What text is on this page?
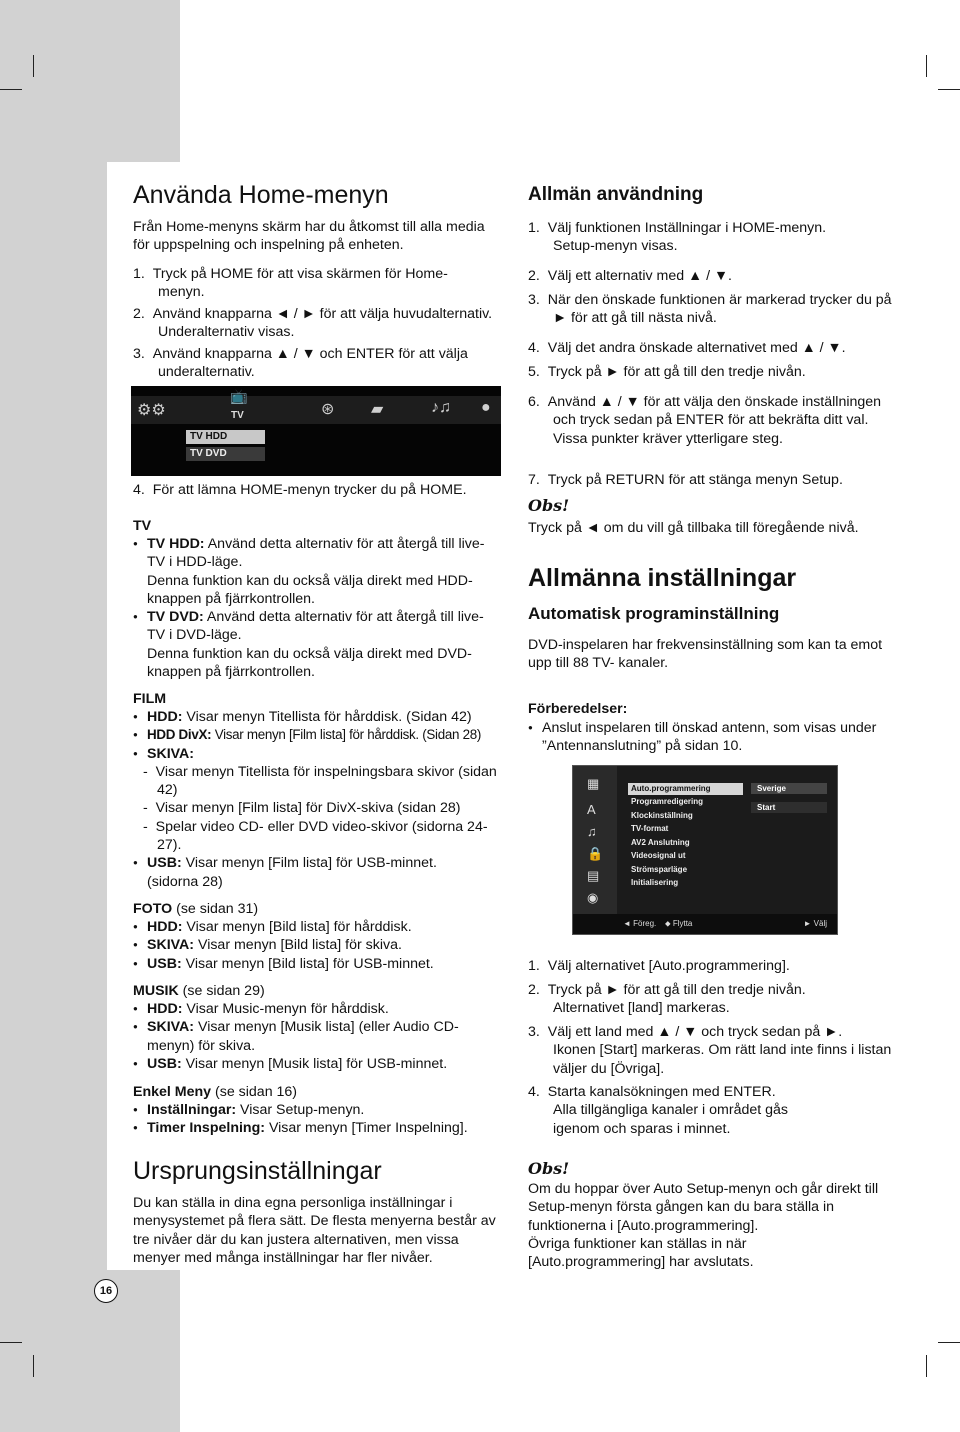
16
Använda Home-menyn

Från Home-menyns skärm har du åtkomst till alla media för uppspelning och inspelning på enheten.

1. Tryck på HOME för att visa skärmen för Home-menyn.

2. Använd knapparna ◄ / ► för att välja huvudalternativ. Underalternativ visas.

3. Använd knapparna ▲ / ▼ och ENTER för att välja underalternativ.

4. För att lämna HOME-menyn trycker du på HOME.

TV

● TV HDD: Använd detta alternativ för att återgå till live-TV i HDD-läge.

Denna funktion kan du också välja direkt med HDD-knappen på fjärrkontrollen.

● TV DVD: Använd detta alternativ för att återgå till live-TV i DVD-läge.

Denna funktion kan du också välja direkt med DVD-knappen på fjärrkontrollen.

FILM

● HDD: Visar menyn Titellista för hårddisk. (Sidan 42)

● HDD DivX: Visar menyn [Film lista] för hårddisk. (Sidan 28)

● SKIVA:

-  Visar menyn Titellista för inspelningsbara skivor (sidan 42)

-  Visar menyn [Film lista] för DivX-skiva (sidan 28)

-  Spelar video CD- eller DVD video-skivor (sidorna 24-27).

● USB: Visar menyn [Film lista] för USB-minnet.

(sidorna 28)

FOTO (se sidan 31)

● HDD: Visar menyn [Bild lista] för hårddisk.

● SKIVA: Visar menyn [Bild lista] för skiva.

● USB: Visar menyn [Bild lista] för USB-minnet.

MUSIK (se sidan 29)

● HDD: Visar Music-menyn för hårddisk.

● SKIVA: Visar menyn [Musik lista] (eller Audio CD-menyn) för skiva.

● USB: Visar menyn [Musik lista] för USB-minnet.

Enkel Meny (se sidan 16)

● Inställningar: Visar Setup-menyn.

● Timer Inspelning: Visar menyn [Timer Inspelning].

Ursprungsinställningar

Du kan ställa in dina egna personliga inställningar i menysystemet på flera sätt. De flesta menyerna består av tre nivåer där du kan justera alternativen, men vissa menyer med många inställningar har fler nivåer.

⚙⚙
📺
TV	⊛ ▰	♪♫ ●
TV HDD
TV DVD
Allmän användning

1. Välj funktionen Inställningar i HOME-menyn.

Setup-menyn visas.

2. Välj ett alternativ med ▲ / ▼.

3. När den önskade funktionen är markerad trycker du på ► för att gå till nästa nivå.

4. Välj det andra önskade alternativet med ▲ / ▼.

5. Tryck på ► för att gå till den tredje nivån.

6. Använd ▲ / ▼ för att välja den önskade inställningen och tryck sedan på ENTER för att bekräfta ditt val.

Vissa punkter kräver ytterligare steg.

7. Tryck på RETURN för att stänga menyn Setup.

Obs!

Tryck på ◄ om du vill gå tillbaka till föregående nivå.

Allmänna inställningar
Automatisk programinställning

DVD-inspelaren har frekvensinställning som kan ta emot upp till 88 TV- kanaler.

Förberedelser:

● Anslut inspelaren till önskad antenn, som visas under ”Antennanslutning” på sidan 10.

1. Välj alternativet [Auto.programmering].

2. Tryck på ► för att gå till den tredje nivån.

Alternativet [land] markeras.

3. Välj ett land med ▲ / ▼ och tryck sedan på ►.

Ikonen [Start] markeras. Om rätt land inte finns i listan väljer du [Övriga].

4. Starta kanalsökningen med ENTER.

Alla tillgängliga kanaler i området gås igenom och sparas i minnet.

Obs!

Om du hoppar över Auto Setup-menyn och går direkt till Setup-menyn första gången kan du bara ställa in funktionerna i [Auto.programmering].

Övriga funktioner kan ställas in när [Auto.programmering] har avslutats.

▦
A
♫
🔒
▤
◉
Auto.programmering
Programredigering
Klockinställning
TV-format
AV2 Anslutning
Videosignal ut
Strömsparläge
Initialisering
Sverige
Start
◄ Föreg. ⬥ Flytta	► Välj
